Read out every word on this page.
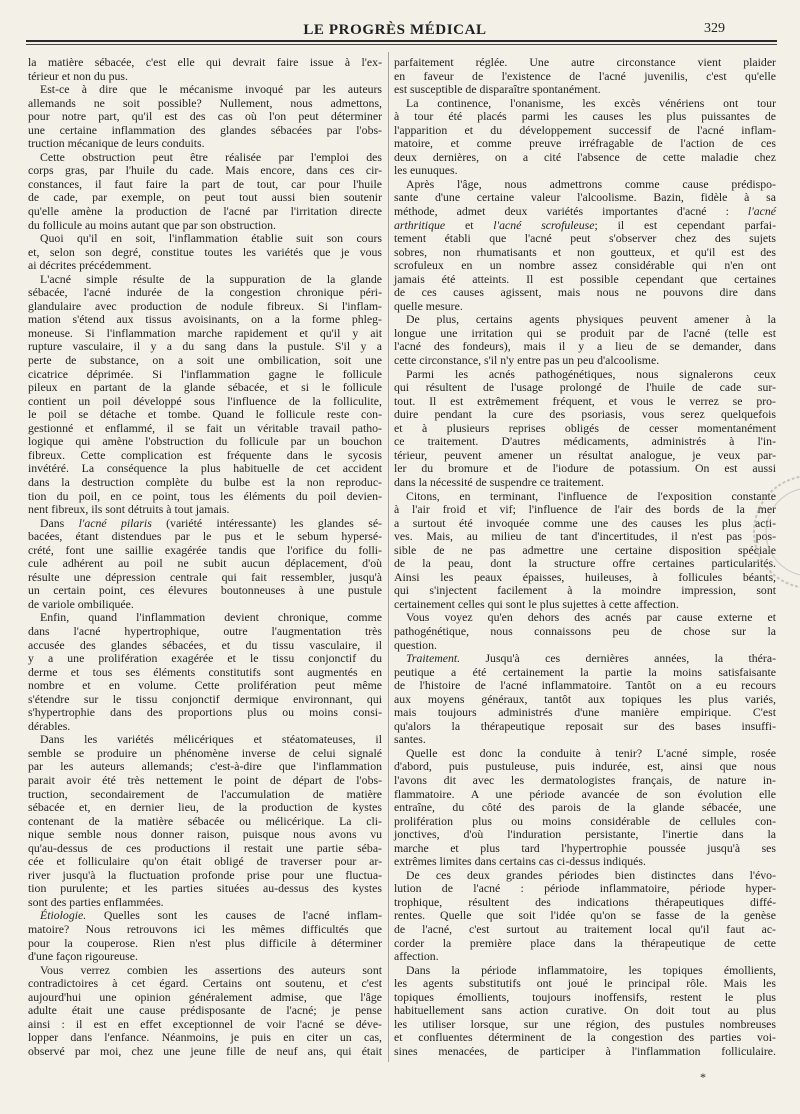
LE PROGRÈS MÉDICAL	329
la matière sébacée, c'est elle qui devrait faire issue à l'ex-
térieur et non du pus.
Est-ce à dire que le mécanisme invoqué par les auteurs
allemands ne soit possible? Nullement, nous admettons,
pour notre part, qu'il est des cas où l'on peut déterminer
une certaine inflammation des glandes sébacées par l'obs-
truction mécanique de leurs conduits.
Cette obstruction peut être réalisée par l'emploi des
corps gras, par l'huile du cade. Mais encore, dans ces cir-
constances, il faut faire la part de tout, car pour l'huile
de cade, par exemple, on peut tout aussi bien soutenir
qu'elle amène la production de l'acné par l'irritation directe
du follicule au moins autant que par son obstruction.
Quoi qu'il en soit, l'inflammation établie suit son cours
et, selon son degré, constitue toutes les variétés que je vous
ai décrites précédemment.
L'acné simple résulte de la suppuration de la glande
sébacée, l'acné indurée de la congestion chronique péri-
glandulaire avec production de nodule fibreux. Si l'inflam-
mation s'étend aux tissus avoisinants, on a la forme phleg-
moneuse. Si l'inflammation marche rapidement et qu'il y ait
rupture vasculaire, il y a du sang dans la pustule. S'il y a
perte de substance, on a soit une ombilication, soit une
cicatrice déprimée. Si l'inflammation gagne le follicule
pileux en partant de la glande sébacée, et si le follicule
contient un poil développé sous l'influence de la folliculite,
le poil se détache et tombe. Quand le follicule reste con-
gestionné et enflammé, il se fait un véritable travail patho-
logique qui amène l'obstruction du follicule par un bouchon
fibreux. Cette complication est fréquente dans le sycosis
invétéré. La conséquence la plus habituelle de cet accident
dans la destruction complète du bulbe est la non reproduc-
tion du poil, en ce point, tous les éléments du poil devien-
nent fibreux, ils sont détruits à tout jamais.
Dans l'acné pilaris (variété intéressante) les glandes sé-
bacées, étant distendues par le pus et le sebum hypersé-
crété, font une saillie exagérée tandis que l'orifice du folli-
cule adhérent au poil ne subit aucun déplacement, d'où
résulte une dépression centrale qui fait ressembler, jusqu'à
un certain point, ces élevures boutonneuses à une pustule
de variole ombiliquée.
Enfin, quand l'inflammation devient chronique, comme
dans l'acné hypertrophique, outre l'augmentation très
accusée des glandes sébacées, et du tissu vasculaire, il
y a une prolifération exagérée et le tissu conjonctif du
derme et tous ses éléments constitutifs sont augmentés en
nombre et en volume. Cette prolifération peut même
s'étendre sur le tissu conjonctif dermique environnant, qui
s'hypertrophie dans des proportions plus ou moins consi-
dérables.
Dans les variétés mélicériques et stéatomateuses, il
semble se produire un phénomène inverse de celui signalé
par les auteurs allemands; c'est-à-dire que l'inflammation
parait avoir été très nettement le point de départ de l'obs-
truction, secondairement de l'accumulation de matière
sébacée et, en dernier lieu, de la production de kystes
contenant de la matière sébacée ou mélicérique. La cli-
nique semble nous donner raison, puisque nous avons vu
qu'au-dessus de ces productions il restait une partie séba-
cée et folliculaire qu'on était obligé de traverser pour ar-
river jusqu'à la fluctuation profonde prise pour une fluctua-
tion purulente; et les parties situées au-dessus des kystes
sont des parties enflammées.
Étiologie. Quelles sont les causes de l'acné inflam-
matoire? Nous retrouvons ici les mêmes difficultés que
pour la couperose. Rien n'est plus difficile à déterminer
d'une façon rigoureuse.
Vous verrez combien les assertions des auteurs sont
contradictoires à cet égard. Certains ont soutenu, et c'est
aujourd'hui une opinion généralement admise, que l'âge
adulte était une cause prédisposante de l'acné; je pense
ainsi : il est en effet exceptionnel de voir l'acné se déve-
lopper dans l'enfance. Néanmoins, je puis en citer un cas,
observé par moi, chez une jeune fille de neuf ans, qui était
parfaitement réglée. Une autre circonstance vient plaider
en faveur de l'existence de l'acné juvenilis, c'est qu'elle
est susceptible de disparaître spontanément.
La continence, l'onanisme, les excès vénériens ont tour
à tour été placés parmi les causes les plus puissantes de
l'apparition et du développement successif de l'acné inflam-
matoire, et comme preuve irréfragable de l'action de ces
deux dernières, on a cité l'absence de cette maladie chez
les eunuques.
Après l'âge, nous admettrons comme cause prédispo-
sante d'une certaine valeur l'alcoolisme. Bazin, fidèle à sa
méthode, admet deux variétés importantes d'acné : l'acné
arthritique et l'acné scrofuleuse; il est cependant parfai-
tement établi que l'acné peut s'observer chez des sujets
sobres, non rhumatisants et non goutteux, et qu'il est des
scrofuleux en un nombre assez considérable qui n'en ont
jamais été atteints. Il est possible cependant que certaines
de ces causes agissent, mais nous ne pouvons dire dans
quelle mesure.
De plus, certains agents physiques peuvent amener à la
longue une irritation qui se produit par de l'acné (telle est
l'acné des fondeurs), mais il y a lieu de se demander, dans
cette circonstance, s'il n'y entre pas un peu d'alcoolisme.
Parmi les acnés pathogénétiques, nous signalerons ceux
qui résultent de l'usage prolongé de l'huile de cade sur-
tout. Il est extrêmement fréquent, et vous le verrez se pro-
duire pendant la cure des psoriasis, vous serez quelquefois
et à plusieurs reprises obligés de cesser momentanément
ce traitement. D'autres médicaments, administrés à l'in-
térieur, peuvent amener un résultat analogue, je veux par-
ler du bromure et de l'iodure de potassium. On est aussi
dans la nécessité de suspendre ce traitement.
Citons, en terminant, l'influence de l'exposition constante
à l'air froid et vif; l'influence de l'air des bords de la mer
a surtout été invoquée comme une des causes les plus acti-
ves. Mais, au milieu de tant d'incertitudes, il n'est pas pos-
sible de ne pas admettre une certaine disposition spéciale
de la peau, dont la structure offre certaines particularités.
Ainsi les peaux épaisses, huileuses, à follicules béants,
qui s'injectent facilement à la moindre impression, sont
certainement celles qui sont le plus sujettes à cette affection.
Vous voyez qu'en dehors des acnés par cause externe et
pathogénétique, nous connaissons peu de chose sur la
question.
Traitement. Jusqu'à ces dernières années, la théra-
peutique a été certainement la partie la moins satisfaisante
de l'histoire de l'acné inflammatoire. Tantôt on a eu recours
aux moyens généraux, tantôt aux topiques les plus variés,
mais toujours administrés d'une manière empirique. C'est
qu'alors la thérapeutique reposait sur des bases insuffi-
santes.
Quelle est donc la conduite à tenir? L'acné simple, rosée
d'abord, puis pustuleuse, puis indurée, est, ainsi que nous
l'avons dit avec les dermatologistes français, de nature in-
flammatoire. A une période avancée de son évolution elle
entraîne, du côté des parois de la glande sébacée, une
prolifération plus ou moins considérable de cellules con-
jonctives, d'où l'induration persistante, l'inertie dans la
marche et plus tard l'hypertrophie poussée jusqu'à ses
extrêmes limites dans certains cas ci-dessus indiqués.
De ces deux grandes périodes bien distinctes dans l'évo-
lution de l'acné : période inflammatoire, période hyper-
trophique, résultent des indications thérapeutiques diffé-
rentes. Quelle que soit l'idée qu'on se fasse de la genèse
de l'acné, c'est surtout au traitement local qu'il faut ac-
corder la première place dans la thérapeutique de cette
affection.
Dans la période inflammatoire, les topiques émollients,
les agents substitutifs ont joué le principal rôle. Mais les
topiques émollients, toujours inoffensifs, restent le plus
habituellement sans action curative. On doit tout au plus
les utiliser lorsque, sur une région, des pustules nombreuses
et confluentes déterminent de la congestion des parties voi-
sines menacées, de participer à l'inflammation folliculaire.
*
